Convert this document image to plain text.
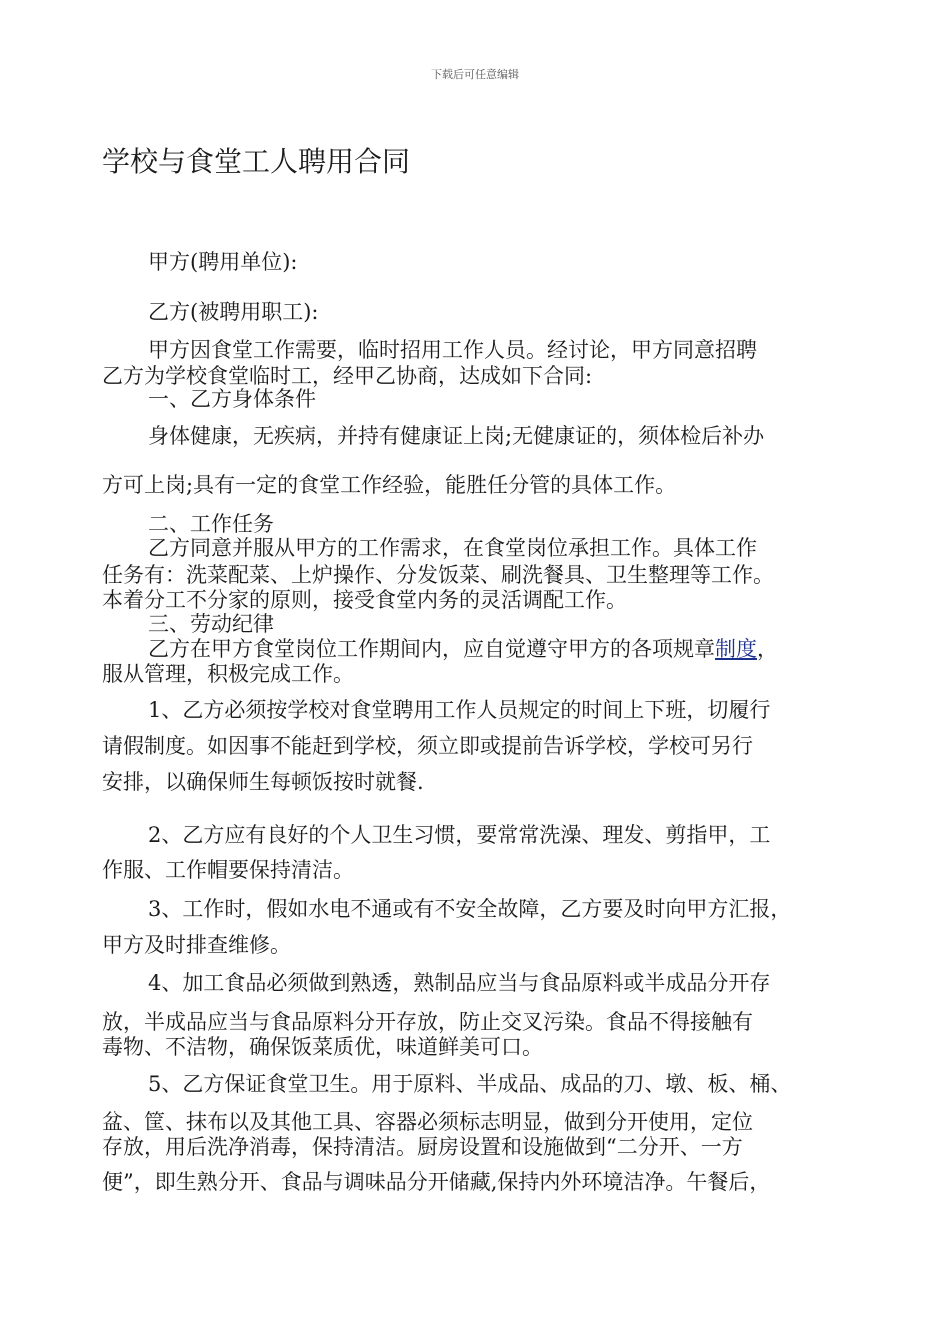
下载后可任意编辑
学校与食堂工人聘用合同
甲方(聘用单位):
乙方(被聘用职工):
甲方因食堂工作需要，临时招用工作人员。经讨论，甲方同意招聘
乙方为学校食堂临时工，经甲乙协商，达成如下合同:
一、乙方身体条件
身体健康，无疾病，并持有健康证上岗;无健康证的，须体检后补办
方可上岗;具有一定的食堂工作经验，能胜任分管的具体工作。
二、工作任务
乙方同意并服从甲方的工作需求，在食堂岗位承担工作。具体工作
任务有：洗菜配菜、上炉操作、分发饭菜、刷洗餐具、卫生整理等工作。
本着分工不分家的原则，接受食堂内务的灵活调配工作。
三、劳动纪律
乙方在甲方食堂岗位工作期间内，应自觉遵守甲方的各项规章制度，
服从管理，积极完成工作。
1、乙方必须按学校对食堂聘用工作人员规定的时间上下班，切履行
请假制度。如因事不能赶到学校，须立即或提前告诉学校，学校可另行
安排，以确保师生每顿饭按时就餐.
2、乙方应有良好的个人卫生习惯，要常常洗澡、理发、剪指甲，工
作服、工作帽要保持清洁。
3、工作时，假如水电不通或有不安全故障，乙方要及时向甲方汇报，
甲方及时排查维修。
4、加工食品必须做到熟透，熟制品应当与食品原料或半成品分开存
放，半成品应当与食品原料分开存放，防止交叉污染。食品不得接触有
毒物、不洁物，确保饭菜质优，味道鲜美可口。
5、乙方保证食堂卫生。用于原料、半成品、成品的刀、墩、板、桶、
盆、筐、抹布以及其他工具、容器必须标志明显，做到分开使用，定位
存放，用后洗净消毒，保持清洁。厨房设置和设施做到“二分开、一方
便”，即生熟分开、食品与调味品分开储藏,保持内外环境洁净。午餐后，
